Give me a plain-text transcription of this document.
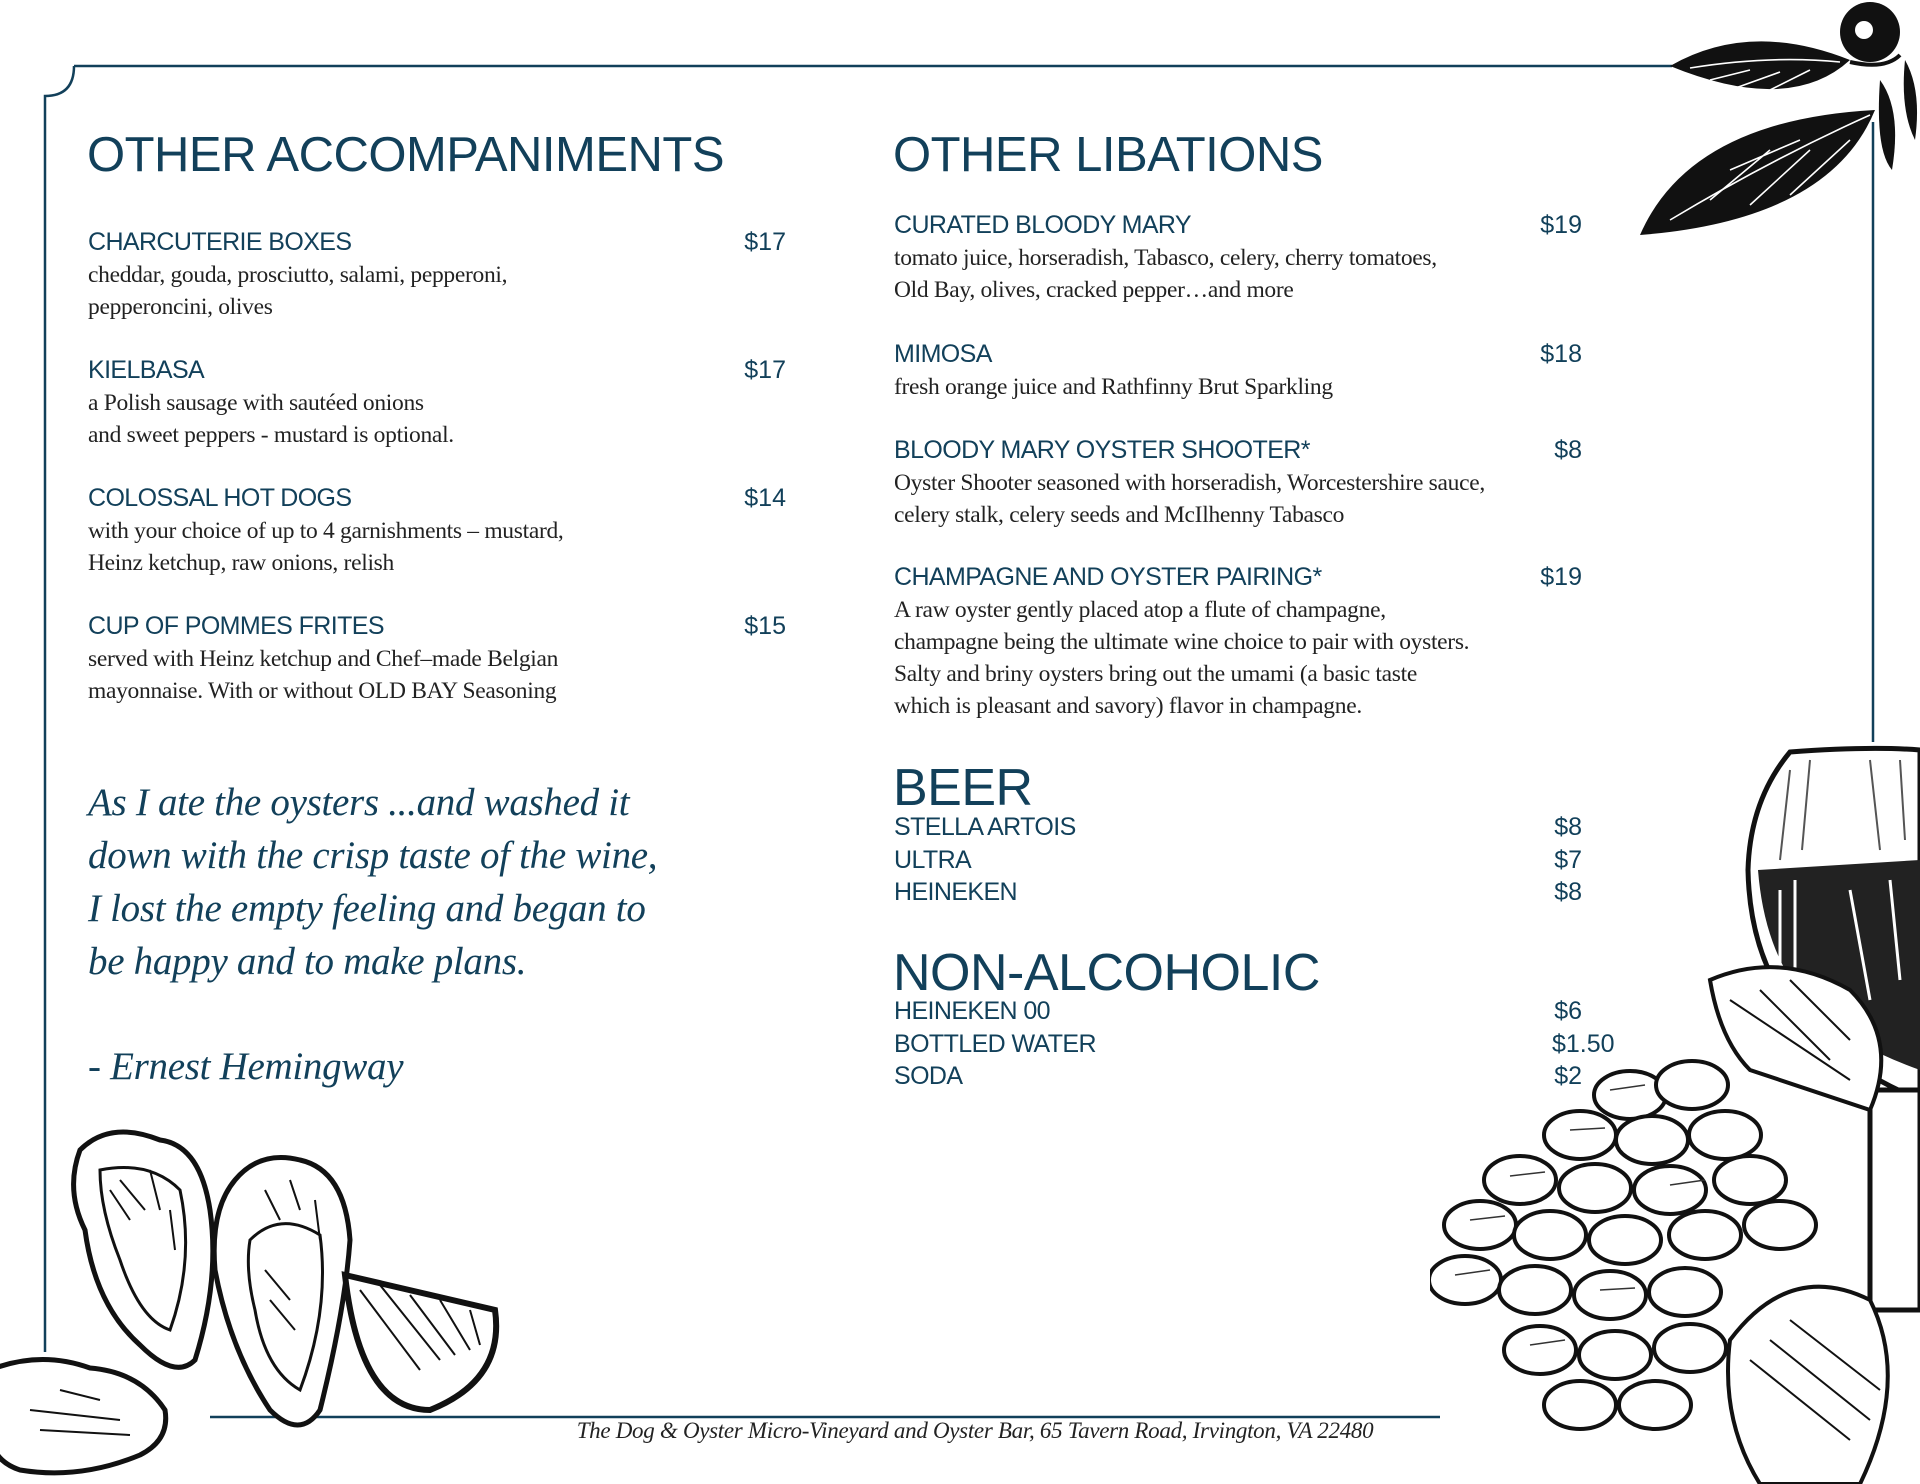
OTHER ACCOMPANIMENTS
CHARCUTERIE BOXES	$17
cheddar, gouda, prosciutto, salami, pepperoni,
pepperoncini, olives
KIELBASA	$17
a Polish sausage with sautéed onions
and sweet peppers - mustard is optional.
COLOSSAL HOT DOGS	$14
with your choice of up to 4 garnishments – mustard,
Heinz ketchup, raw onions, relish
CUP OF POMMES FRITES	$15
served with Heinz ketchup and Chef–made Belgian
mayonnaise. With or without OLD BAY Seasoning
As I ate the oysters ...and washed it
down with the crisp taste of the wine,
I lost the empty feeling and began to
be happy and to make plans.
- Ernest Hemingway
OTHER LIBATIONS
CURATED BLOODY MARY	$19
tomato juice, horseradish, Tabasco, celery, cherry tomatoes,
Old Bay, olives, cracked pepper…and more
MIMOSA	$18
fresh orange juice and Rathfinny Brut Sparkling
BLOODY MARY OYSTER SHOOTER*	$8
Oyster Shooter seasoned with horseradish, Worcestershire sauce,
celery stalk, celery seeds and McIlhenny Tabasco
CHAMPAGNE AND OYSTER PAIRING*	$19
A raw oyster gently placed atop a flute of champagne,
champagne being the ultimate wine choice to pair with oysters.
Salty and briny oysters bring out the umami (a basic taste
which is pleasant and savory) flavor in champagne.
BEER
STELLA ARTOIS	$8
ULTRA	$7
HEINEKEN	$8
NON-ALCOHOLIC
HEINEKEN 00	$6
BOTTLED WATER	$1.50
SODA	$2
The Dog & Oyster Micro-Vineyard and Oyster Bar, 65 Tavern Road, Irvington, VA 22480
